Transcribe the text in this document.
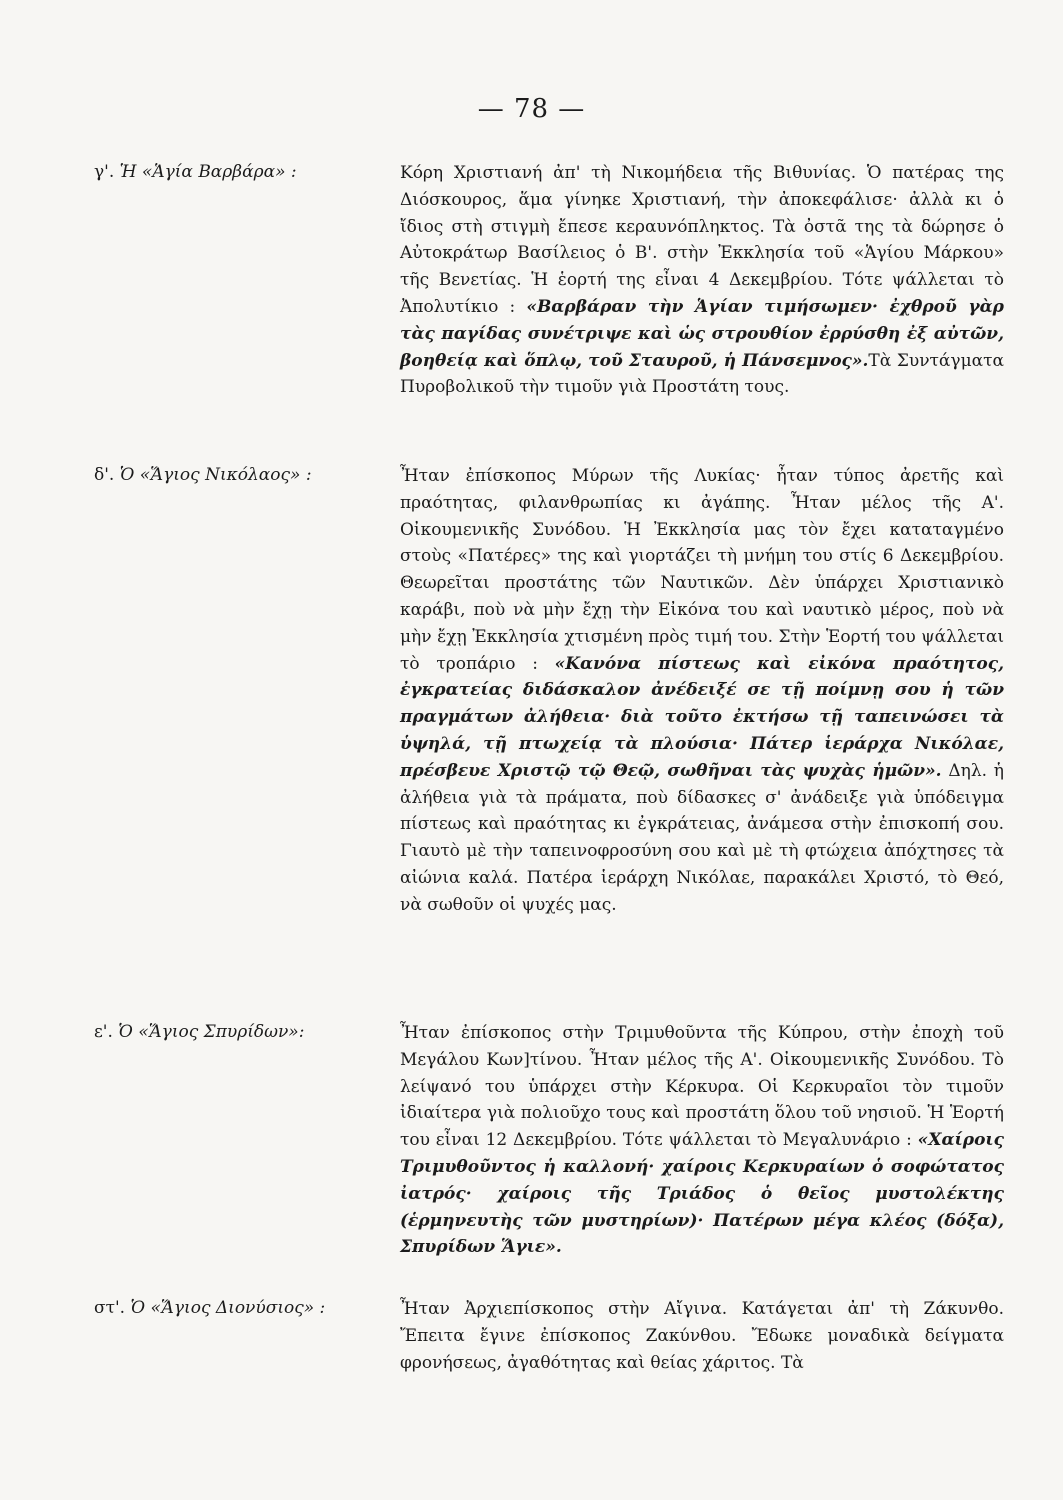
— 78 —
γ'. Ἡ «Ἁγία Βαρβάρα» :	Κόρη Χριστιανή ἀπ' τὴ Νικομήδεια τῆς Βιθυνίας. Ὁ πατέρας της Διόσκουρος, ἅμα γίνηκε Χριστιανή, τὴν ἀποκεφάλισε· ἀλλὰ κι ὁ ἴδιος στὴ στιγμὴ ἔπεσε κεραυνόπληκτος. Τὰ ὀστᾶ της τὰ δώρησε ὁ Αὐτοκράτωρ Βασίλειος ὁ Β'. στὴν Ἐκκλησία τοῦ «Ἁγίου Μάρκου» τῆς Βενετίας. Ἡ ἑορτή της εἶναι 4 Δεκεμβρίου. Τότε ψάλλεται τὸ Ἀπολυτίκιο : «Βαρβάραν τὴν Ἁγίαν τιμήσωμεν· ἐχθροῦ γὰρ τὰς παγίδας συνέτριψε καὶ ὡς στρουθίον ἐρρύσθη ἐξ αὐτῶν, βοηθείᾳ καὶ ὅπλῳ, τοῦ Σταυροῦ, ἡ Πάνσεμνος».Τὰ Συντάγματα Πυροβολικοῦ τὴν τιμοῦν γιὰ Προστάτη τους.
δ'. Ὁ «Ἅγιος Νικόλαος» :	Ἦταν ἐπίσκοπος Μύρων τῆς Λυκίας· ἦταν τύπος ἀρετῆς καὶ πραότητας, φιλανθρωπίας κι ἀγάπης. Ἦταν μέλος τῆς Α'. Οἰκουμενικῆς Συνόδου. Ἡ Ἐκκλησία μας τὸν ἔχει καταταγμένο στοὺς «Πατέρες» της καὶ γιορτάζει τὴ μνήμη του στίς 6 Δεκεμβρίου. Θεωρεῖται προστάτης τῶν Ναυτικῶν. Δὲν ὑπάρχει Χριστιανικὸ καράβι, ποὺ νὰ μὴν ἔχῃ τὴν Εἰκόνα του καὶ ναυτικὸ μέρος, ποὺ νὰ μὴν ἔχῃ Ἐκκλησία χτισμένη πρὸς τιμή του. Στὴν Ἑορτή του ψάλλεται τὸ τροπάριο : «Κανόνα πίστεως καὶ εἰκόνα πραότητος, ἐγκρατείας διδάσκαλον ἀνέδειξέ σε τῇ ποίμνῃ σου ἡ τῶν πραγμάτων ἀλήθεια· διὰ τοῦτο ἐκτήσω τῇ ταπεινώσει τὰ ὑψηλά, τῇ πτωχείᾳ τὰ πλούσια· Πάτερ ἱεράρχα Νικόλαε, πρέσβευε Χριστῷ τῷ Θεῷ, σωθῆναι τὰς ψυχὰς ἡμῶν». Δηλ. ἡ ἀλήθεια γιὰ τὰ πράματα, ποὺ δίδασκες σ' ἀνάδειξε γιὰ ὑπόδειγμα πίστεως καὶ πραότητας κι ἐγκράτειας, ἀνάμεσα στὴν ἐπισκοπή σου. Γιαυτὸ μὲ τὴν ταπεινοφροσύνη σου καὶ μὲ τὴ φτώχεια ἀπόχτησες τὰ αἰώνια καλά. Πατέρα ἱεράρχη Νικόλαε, παρακάλει Χριστό, τὸ Θεό, νὰ σωθοῦν οἱ ψυχές μας.
ε'. Ὁ «Ἅγιος Σπυρίδων»:	Ἦταν ἐπίσκοπος στὴν Τριμυθοῦντα τῆς Κύπρου, στὴν ἐποχὴ τοῦ Μεγάλου Κων]τίνου. Ἦταν μέλος τῆς Α'. Οἰκουμενικῆς Συνόδου. Τὸ λείψανό του ὑπάρχει στὴν Κέρκυρα. Οἱ Κερκυραῖοι τὸν τιμοῦν ἰδιαίτερα γιὰ πολιοῦχο τους καὶ προστάτη ὅλου τοῦ νησιοῦ. Ἡ Ἑορτή του εἶναι 12 Δεκεμβρίου. Τότε ψάλλεται τὸ Μεγαλυνάριο : «Χαίροις Τριμυθοῦντος ἡ καλλονή· χαίροις Κερκυραίων ὁ σοφώτατος ἰατρός· χαίροις τῆς Τριάδος ὁ θεῖος μυστολέκτης (ἑρμηνευτὴς τῶν μυστηρίων)· Πατέρων μέγα κλέος (δόξα), Σπυρίδων Ἅγιε».
στ'. Ὁ «Ἅγιος Διονύσιος» :	Ἦταν Ἀρχιεπίσκοπος στὴν Αἴγινα. Κατάγεται ἀπ' τὴ Ζάκυνθο. Ἔπειτα ἔγινε ἐπίσκοπος Ζακύνθου. Ἔδωκε μοναδικὰ δείγματα φρονήσεως, ἀγαθότητας καὶ θείας χάριτος. Τὰ
